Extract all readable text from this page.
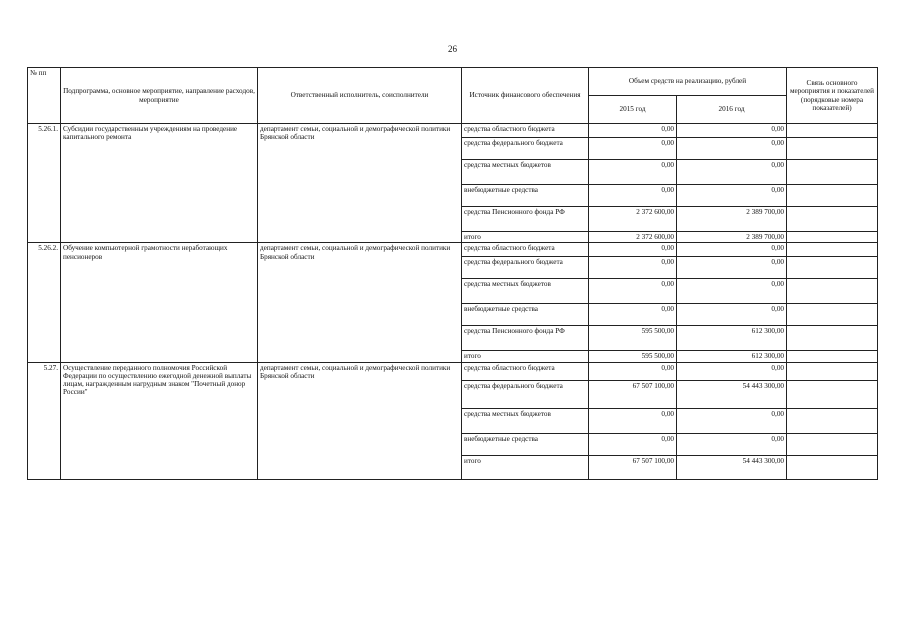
26
№ пп	Подпрограмма, основное мероприятие, направление расходов, мероприятие	Ответственный исполнитель, соисполнители	Источник финансового обеспечения	Объем средств на реализацию, рублей		Связь основного мероприятия и показателей (порядковые номера показателей)
				2015 год	2016 год	
5.26.1.	Субсидии государственным учреждениям на проведение капитального ремонта	департамент семьи, социальной и демографической политики Брянской области	средства областного бюджета	0,00	0,00	
			средства федерального бюджета	0,00	0,00	
			средства местных бюджетов	0,00	0,00	
			внебюджетные средства	0,00	0,00	
			средства Пенсионного фонда РФ	2 372 600,00	2 389 700,00	
			итого	2 372 600,00	2 389 700,00	
5.26.2.	Обучение компьютерной грамотности неработающих пенсионеров	департамент семьи, социальной и демографической политики Брянской области	средства областного бюджета	0,00	0,00	
			средства федерального бюджета	0,00	0,00	
			средства местных бюджетов	0,00	0,00	
			внебюджетные средства	0,00	0,00	
			средства Пенсионного фонда РФ	595 500,00	612 300,00	
			итого	595 500,00	612 300,00	
5.27.	Осуществление переданного полномочия Российской Федерации по осуществлению ежегодной денежной выплаты лицам, награжденным нагрудным знаком "Почетный донор России"	департамент семьи, социальной и демографической политики Брянской области	средства областного бюджета	0,00	0,00	
			средства федерального бюджета	67 507 100,00	54 443 300,00	
			средства местных бюджетов	0,00	0,00	
			внебюджетные средства	0,00	0,00	
			итого	67 507 100,00	54 443 300,00	
